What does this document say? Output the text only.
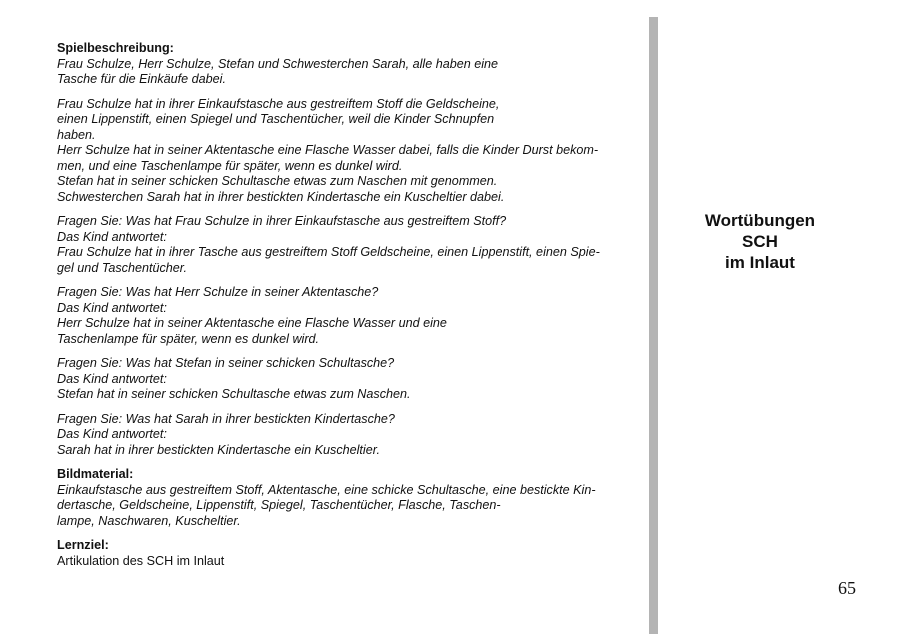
Spielbeschreibung:
Frau Schulze, Herr Schulze, Stefan und Schwesterchen Sarah, alle haben eine
Tasche für die Einkäufe dabei.
Frau Schulze hat in ihrer Einkaufstasche aus gestreiftem Stoff die Geldscheine,
einen Lippenstift, einen Spiegel und Taschentücher, weil die Kinder Schnupfen
haben.
Herr Schulze hat in seiner Aktentasche eine Flasche Wasser dabei, falls die Kinder Durst bekom-
men, und eine Taschenlampe für später, wenn es dunkel wird.
Stefan hat in seiner schicken Schultasche etwas zum Naschen mit genommen.
Schwesterchen Sarah hat in ihrer bestickten Kindertasche ein Kuscheltier dabei.
Fragen Sie: Was hat Frau Schulze in ihrer Einkaufstasche aus gestreiftem Stoff?
Das Kind antwortet:
Frau Schulze hat in ihrer Tasche aus gestreiftem Stoff Geldscheine, einen Lippenstift, einen Spie-
gel und Taschentücher.
Fragen Sie: Was hat Herr Schulze in seiner Aktentasche?
Das Kind antwortet:
Herr Schulze hat in seiner Aktentasche eine Flasche Wasser und eine
Taschenlampe für später, wenn es dunkel wird.
Fragen Sie: Was hat Stefan in seiner schicken Schultasche?
Das Kind antwortet:
Stefan hat in seiner schicken Schultasche etwas zum Naschen.
Fragen Sie: Was hat Sarah in ihrer bestickten Kindertasche?
Das Kind antwortet:
Sarah hat in ihrer bestickten Kindertasche ein Kuscheltier.
Bildmaterial:
Einkaufstasche aus gestreiftem Stoff, Aktentasche, eine schicke Schultasche, eine bestickte Kin-
dertasche, Geldscheine, Lippenstift, Spiegel, Taschentücher, Flasche, Taschen-
lampe, Naschwaren, Kuscheltier.
Lernziel:
Artikulation des SCH im Inlaut
Wortübungen
SCH
im Inlaut
65
